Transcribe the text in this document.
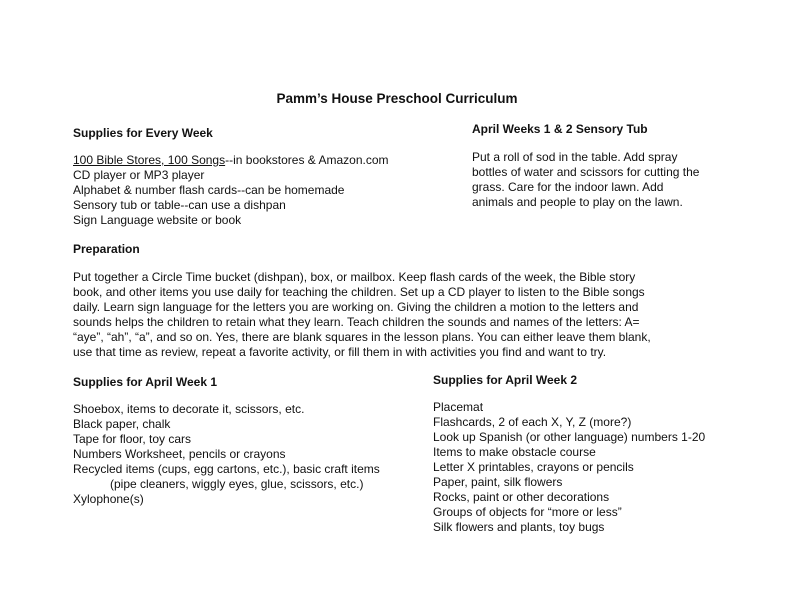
Pamm’s House Preschool Curriculum
Supplies for Every Week
100 Bible Stores, 100 Songs--in bookstores & Amazon.com
CD player or MP3 player
Alphabet & number flash cards--can be homemade
Sensory tub or table--can use a dishpan
Sign Language website or book
April Weeks 1 & 2 Sensory Tub
Put a roll of sod in the table. Add spray
bottles of water and scissors for cutting the
grass. Care for the indoor lawn. Add
animals and people to play on the lawn.
Preparation
Put together a Circle Time bucket (dishpan), box, or mailbox. Keep flash cards of the week, the Bible story
book, and other items you use daily for teaching the children. Set up a CD player to listen to the Bible songs
daily. Learn sign language for the letters you are working on. Giving the children a motion to the letters and
sounds helps the children to retain what they learn. Teach children the sounds and names of the letters: A=
“aye”, “ah”, “a”, and so on. Yes, there are blank squares in the lesson plans. You can either leave them blank,
use that time as review, repeat a favorite activity, or fill them in with activities you find and want to try.
Supplies for April Week 1
Shoebox, items to decorate it, scissors, etc.
Black paper, chalk
Tape for floor, toy cars
Numbers Worksheet, pencils or crayons
Recycled items (cups, egg cartons, etc.), basic craft items
(pipe cleaners, wiggly eyes, glue, scissors, etc.)
Xylophone(s)
Supplies for April Week 2
Placemat
Flashcards, 2 of each X, Y, Z (more?)
Look up Spanish (or other language) numbers 1-20
Items to make obstacle course
Letter X printables, crayons or pencils
Paper, paint, silk flowers
Rocks, paint or other decorations
Groups of objects for “more or less”
Silk flowers and plants, toy bugs
